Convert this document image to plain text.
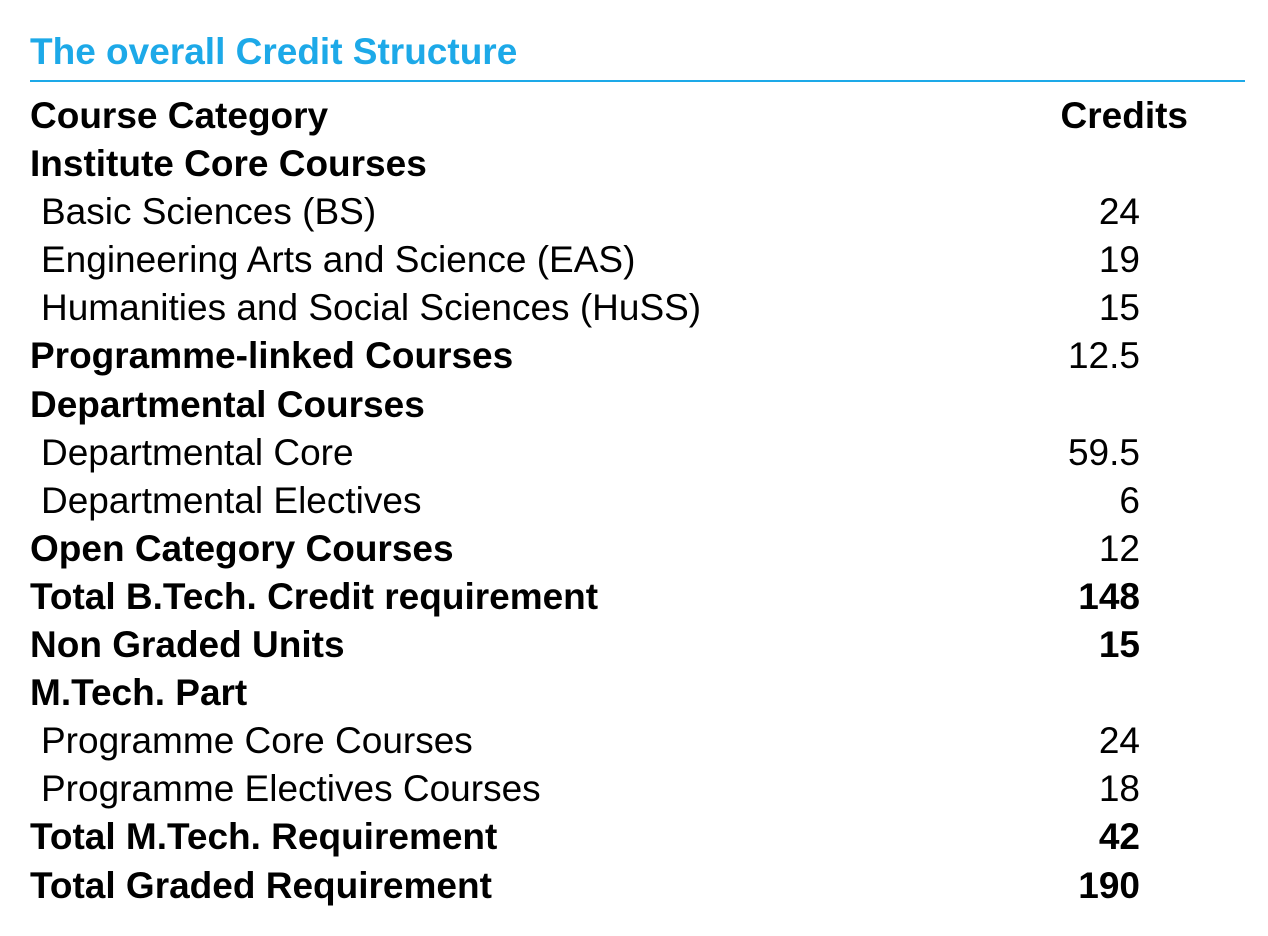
The overall Credit Structure
Course Category	Credits
Institute Core Courses
Basic Sciences (BS)	24
Engineering Arts and Science (EAS)	19
Humanities and Social Sciences (HuSS)	15
Programme-linked Courses	12.5
Departmental Courses
Departmental Core	59.5
Departmental Electives	6
Open Category Courses	12
Total B.Tech. Credit requirement	148
Non Graded Units	15
M.Tech. Part
Programme Core Courses	24
Programme Electives Courses	18
Total M.Tech. Requirement	42
Total Graded Requirement	190
